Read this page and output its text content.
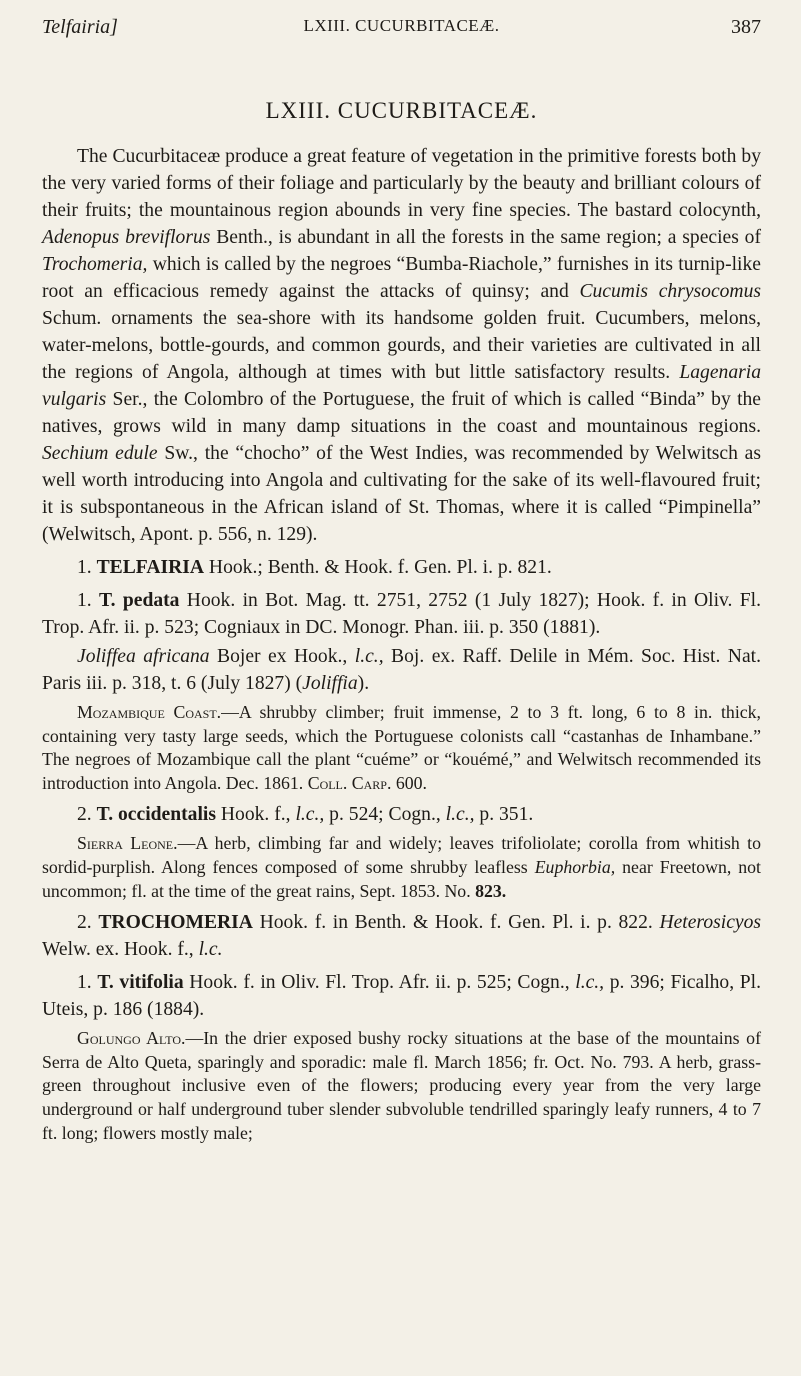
Telfairia]	LXIII. CUCURBITACEÆ.	387
LXIII. CUCURBITACEÆ.

The Cucurbitaceæ produce a great feature of vegetation in the primitive forests both by the very varied forms of their foliage and particularly by the beauty and brilliant colours of their fruits; the mountainous region abounds in very fine species. The bastard colocynth, Adenopus breviflorus Benth., is abundant in all the forests in the same region; a species of Trochomeria, which is called by the negroes “Bumba-Riachole,” furnishes in its turnip-like root an efficacious remedy against the attacks of quinsy; and Cucumis chrysocomus Schum. ornaments the sea-shore with its handsome golden fruit. Cucumbers, melons, water-melons, bottle-gourds, and common gourds, and their varieties are cultivated in all the regions of Angola, although at times with but little satisfactory results. Lagenaria vulgaris Ser., the Colombro of the Portuguese, the fruit of which is called “Binda” by the natives, grows wild in many damp situations in the coast and mountainous regions. Sechium edule Sw., the “chocho” of the West Indies, was recommended by Welwitsch as well worth introducing into Angola and cultivating for the sake of its well-flavoured fruit; it is subspontaneous in the African island of St. Thomas, where it is called “Pimpinella” (Welwitsch, Apont. p. 556, n. 129).

1. TELFAIRIA Hook.; Benth. & Hook. f. Gen. Pl. i. p. 821.

1. T. pedata Hook. in Bot. Mag. tt. 2751, 2752 (1 July 1827); Hook. f. in Oliv. Fl. Trop. Afr. ii. p. 523; Cogniaux in DC. Monogr. Phan. iii. p. 350 (1881).

Joliffea africana Bojer ex Hook., l.c., Boj. ex. Raff. Delile in Mém. Soc. Hist. Nat. Paris iii. p. 318, t. 6 (July 1827) (Joliffia).

Mozambique Coast.—A shrubby climber; fruit immense, 2 to 3 ft. long, 6 to 8 in. thick, containing very tasty large seeds, which the Portuguese colonists call “castanhas de Inhambane.” The negroes of Mozambique call the plant “cuéme” or “kouémé,” and Welwitsch recommended its introduction into Angola. Dec. 1861. Coll. Carp. 600.

2. T. occidentalis Hook. f., l.c., p. 524; Cogn., l.c., p. 351.

Sierra Leone.—A herb, climbing far and widely; leaves trifoliolate; corolla from whitish to sordid-purplish. Along fences composed of some shrubby leafless Euphorbia, near Freetown, not uncommon; fl. at the time of the great rains, Sept. 1853. No. 823.

2. TROCHOMERIA Hook. f. in Benth. & Hook. f. Gen. Pl. i. p. 822. Heterosicyos Welw. ex. Hook. f., l.c.

1. T. vitifolia Hook. f. in Oliv. Fl. Trop. Afr. ii. p. 525; Cogn., l.c., p. 396; Ficalho, Pl. Uteis, p. 186 (1884).

Golungo Alto.—In the drier exposed bushy rocky situations at the base of the mountains of Serra de Alto Queta, sparingly and sporadic: male fl. March 1856; fr. Oct. No. 793. A herb, grass-green throughout inclusive even of the flowers; producing every year from the very large underground or half underground tuber slender subvoluble tendrilled sparingly leafy runners, 4 to 7 ft. long; flowers mostly male;
